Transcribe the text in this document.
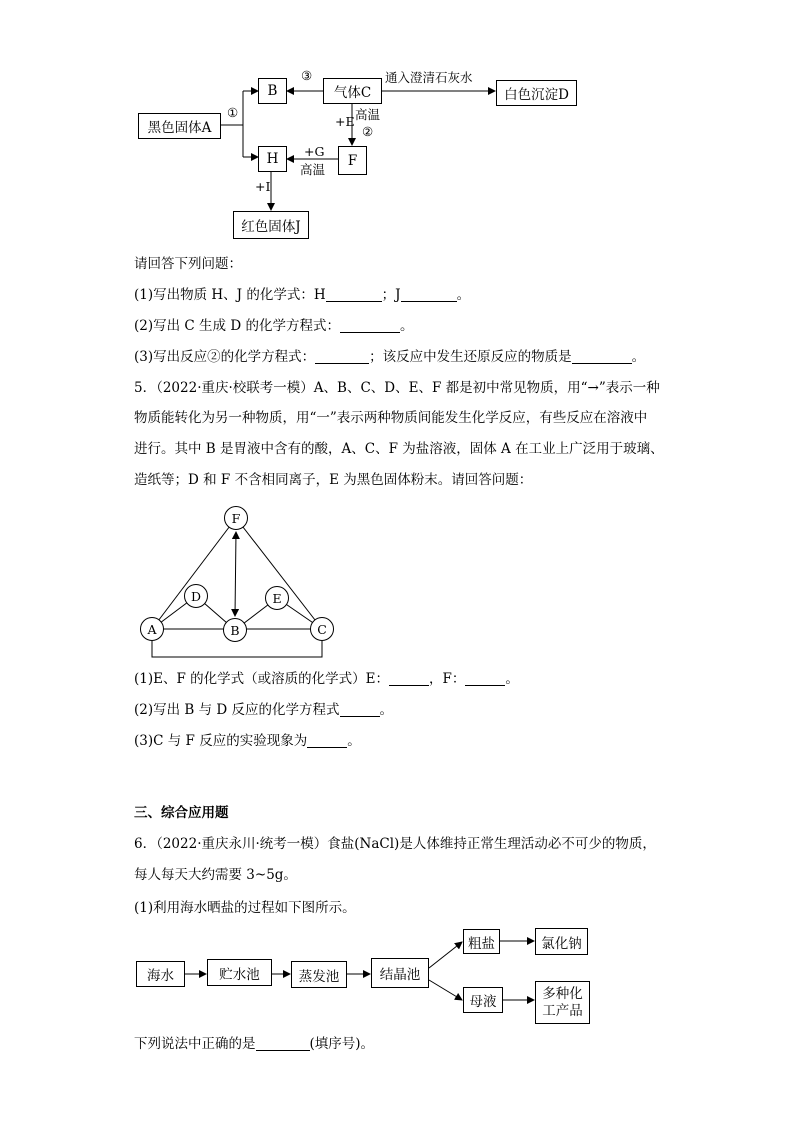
黑色固体A
B	气体C	白色沉淀D
F
H
红色固体J
①
③	通入澄清石灰水
高温
+E
②
+G
高温
+I
请回答下列问题：
(1)写出物质 H、J 的化学式：H	；J	。
(2)写出 C 生成 D 的化学方程式：	。
(3)写出反应②的化学方程式：	；该反应中发生还原反应的物质是	。
5．（2022·重庆·校联考一模）A、B、C、D、E、F 都是初中常见物质，用“→”表示一种
物质能转化为另一种物质，用“一”表示两种物质间能发生化学反应，有些反应在溶液中
进行。其中 B 是胃液中含有的酸，A、C、F 为盐溶液，固体 A 在工业上广泛用于玻璃、
造纸等；D 和 F 不含相同离子，E 为黑色固体粉末。请回答问题：
F
D	E
A	B	C
(1)E、F 的化学式（或溶质的化学式）E：	，F：	。
(2)写出 B 与 D 反应的化学方程式	。
(3)C 与 F 反应的实验现象为	。
三、综合应用题
6．（2022·重庆永川·统考一模）食盐(NaCl)是人体维持正常生理活动必不可少的物质，
每人每天大约需要 3~5g。
(1)利用海水晒盐的过程如下图所示。
海水	贮水池	蒸发池	结晶池
粗盐	氯化钠
母液
多种化
工产品
下列说法中正确的是	(填序号)。
